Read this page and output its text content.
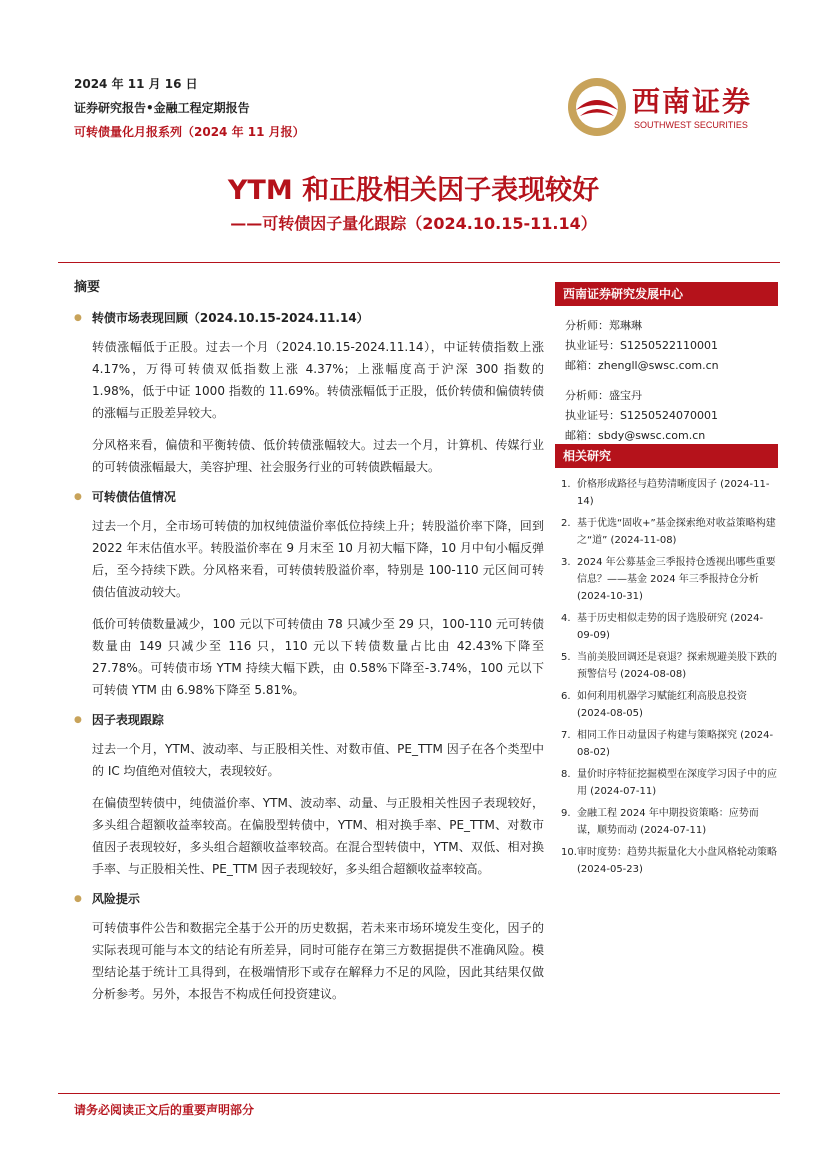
2024 年 11 月 16 日
证券研究报告•金融工程定期报告
可转债量化月报系列（2024 年 11 月报）
西南证券
SOUTHWEST SECURITIES
YTM 和正股相关因子表现较好
——可转债因子量化跟踪（2024.10.15-11.14）
摘要
● 转债市场表现回顾（2024.10.15-2024.11.14）
转债涨幅低于正股。过去一个月（2024.10.15-2024.11.14），中证转债指数上涨 4.17%，万得可转债双低指数上涨 4.37%；上涨幅度高于沪深 300 指数的 1.98%，低于中证 1000 指数的 11.69%。转债涨幅低于正股，低价转债和偏债转债的涨幅与正股差异较大。
分风格来看，偏债和平衡转债、低价转债涨幅较大。过去一个月，计算机、传媒行业的可转债涨幅最大，美容护理、社会服务行业的可转债跌幅最大。
● 可转债估值情况
过去一个月，全市场可转债的加权纯债溢价率低位持续上升；转股溢价率下降，回到 2022 年末估值水平。转股溢价率在 9 月末至 10 月初大幅下降，10 月中旬小幅反弹后，至今持续下跌。分风格来看，可转债转股溢价率，特别是 100-110 元区间可转债估值波动较大。
低价可转债数量减少，100 元以下可转债由 78 只减少至 29 只，100-110 元可转债数量由 149 只减少至 116 只，110 元以下转债数量占比由 42.43%下降至 27.78%。可转债市场 YTM 持续大幅下跌，由 0.58%下降至-3.74%，100 元以下可转债 YTM 由 6.98%下降至 5.81%。
● 因子表现跟踪
过去一个月，YTM、波动率、与正股相关性、对数市值、PE_TTM 因子在各个类型中的 IC 均值绝对值较大，表现较好。
在偏债型转债中，纯债溢价率、YTM、波动率、动量、与正股相关性因子表现较好，多头组合超额收益率较高。在偏股型转债中，YTM、相对换手率、PE_TTM、对数市值因子表现较好，多头组合超额收益率较高。在混合型转债中，YTM、双低、相对换手率、与正股相关性、PE_TTM 因子表现较好，多头组合超额收益率较高。
● 风险提示
可转债事件公告和数据完全基于公开的历史数据，若未来市场环境发生变化，因子的实际表现可能与本文的结论有所差异，同时可能存在第三方数据提供不准确风险。模型结论基于统计工具得到，在极端情形下或存在解释力不足的风险，因此其结果仅做分析参考。另外，本报告不构成任何投资建议。
西南证券研究发展中心
分析师：郑琳琳
执业证号：S1250522110001
邮箱：zhengll@swsc.com.cn
分析师：盛宝丹
执业证号：S1250524070001
邮箱：sbdy@swsc.com.cn
相关研究
1. 价格形成路径与趋势清晰度因子 (2024-11-14)
2. 基于优选“固收+”基金探索绝对收益策略构建之“道” (2024-11-08)
3. 2024 年公募基金三季报持仓透视出哪些重要信息？——基金 2024 年三季报持仓分析 (2024-10-31)
4. 基于历史相似走势的因子选股研究 (2024-09-09)
5. 当前美股回调还是衰退？探索规避美股下跌的预警信号 (2024-08-08)
6. 如何利用机器学习赋能红利高股息投资 (2024-08-05)
7. 相同工作日动量因子构建与策略探究 (2024-08-02)
8. 量价时序特征挖掘模型在深度学习因子中的应用 (2024-07-11)
9. 金融工程 2024 年中期投资策略：应势而谋，顺势而动 (2024-07-11)
10. 审时度势：趋势共振量化大小盘风格轮动策略 (2024-05-23)
请务必阅读正文后的重要声明部分
